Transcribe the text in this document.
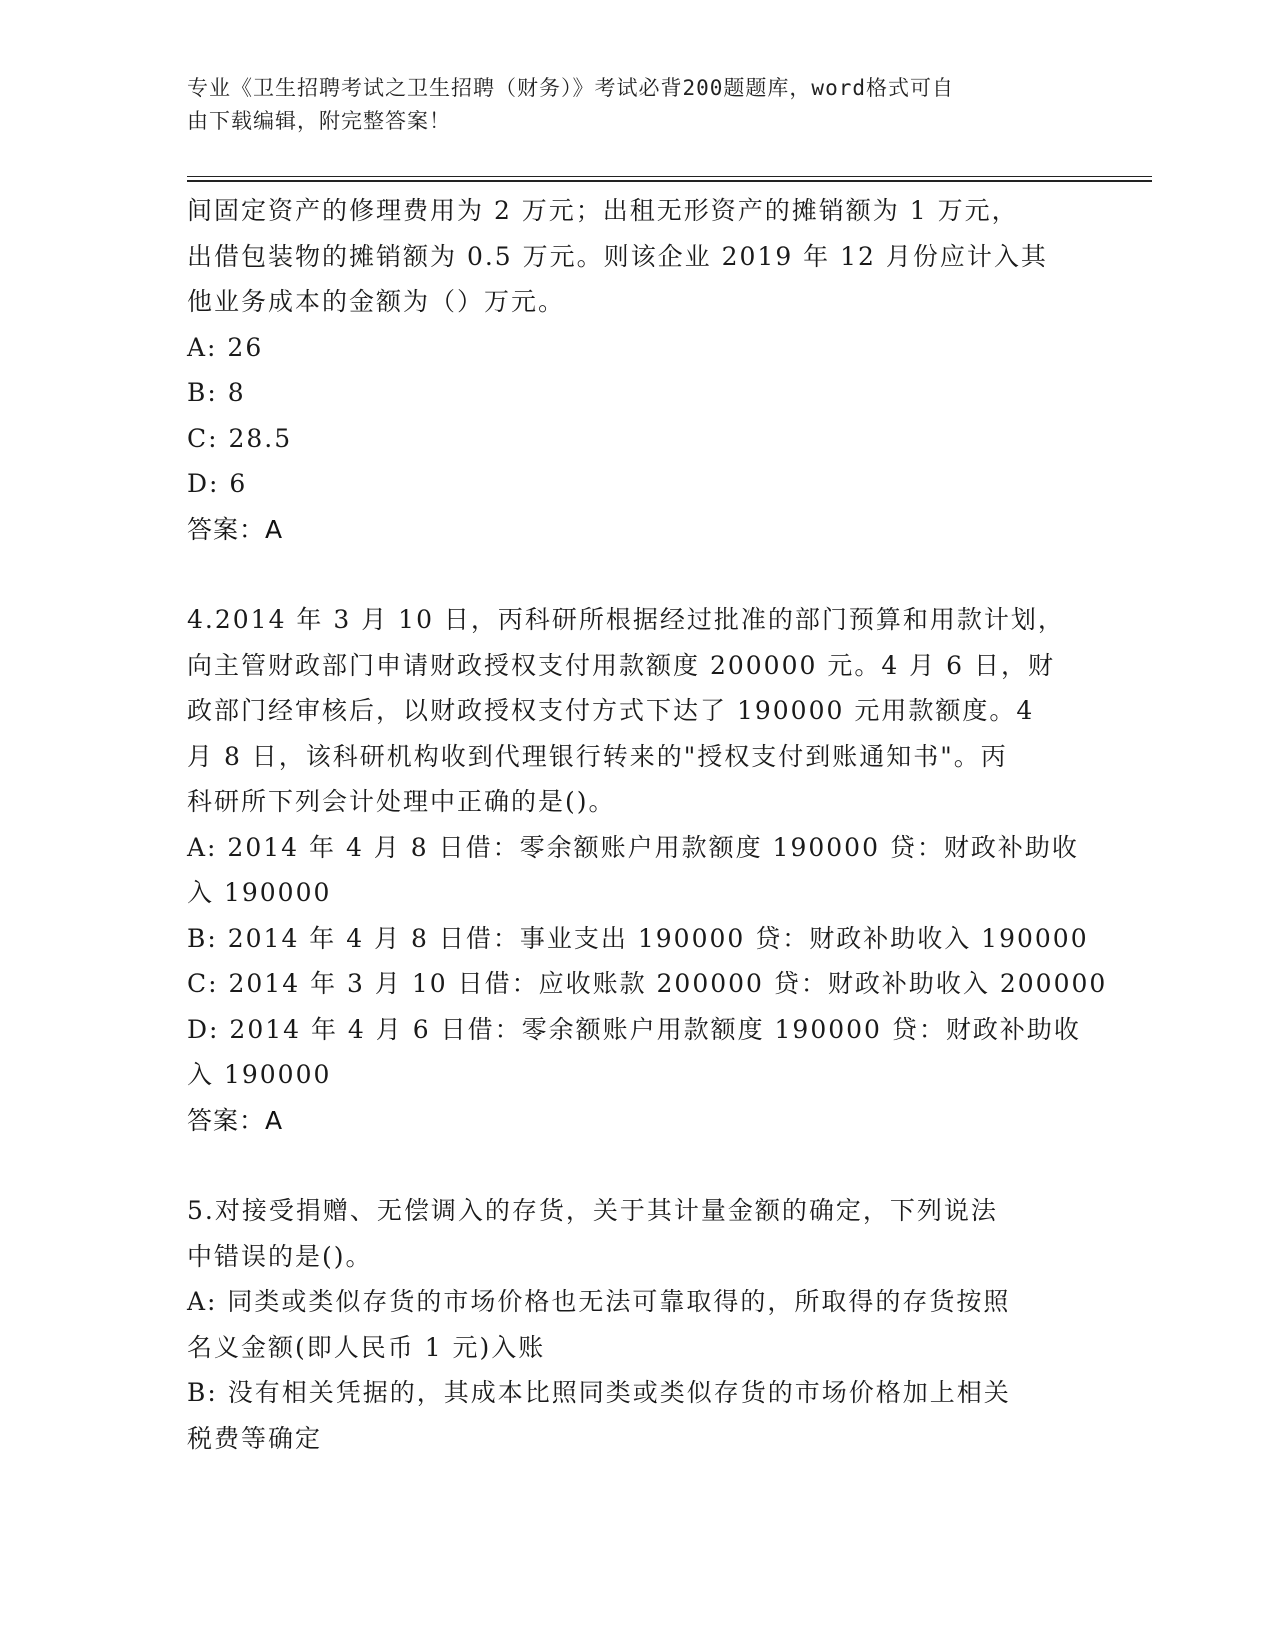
专业《卫生招聘考试之卫生招聘（财务）》考试必背200题题库，word格式可自
由下载编辑，附完整答案！
间固定资产的修理费用为 2 万元；出租无形资产的摊销额为 1 万元，
出借包装物的摊销额为 0.5 万元。则该企业 2019 年 12 月份应计入其
他业务成本的金额为（）万元。
A: 26
B: 8
C: 28.5
D: 6
答案：A
4.2014 年 3 月 10 日，丙科研所根据经过批准的部门预算和用款计划，
向主管财政部门申请财政授权支付用款额度 200000 元。4 月 6 日，财
政部门经审核后，以财政授权支付方式下达了 190000 元用款额度。4
月 8 日，该科研机构收到代理银行转来的"授权支付到账通知书"。丙
科研所下列会计处理中正确的是()。
A: 2014 年 4 月 8 日借：零余额账户用款额度 190000 贷：财政补助收
入 190000
B: 2014 年 4 月 8 日借：事业支出 190000 贷：财政补助收入 190000
C: 2014 年 3 月 10 日借：应收账款 200000 贷：财政补助收入 200000
D: 2014 年 4 月 6 日借：零余额账户用款额度 190000 贷：财政补助收
入 190000
答案：A
5.对接受捐赠、无偿调入的存货，关于其计量金额的确定，下列说法
中错误的是()。
A: 同类或类似存货的市场价格也无法可靠取得的，所取得的存货按照
名义金额(即人民币 1 元)入账
B: 没有相关凭据的，其成本比照同类或类似存货的市场价格加上相关
税费等确定
